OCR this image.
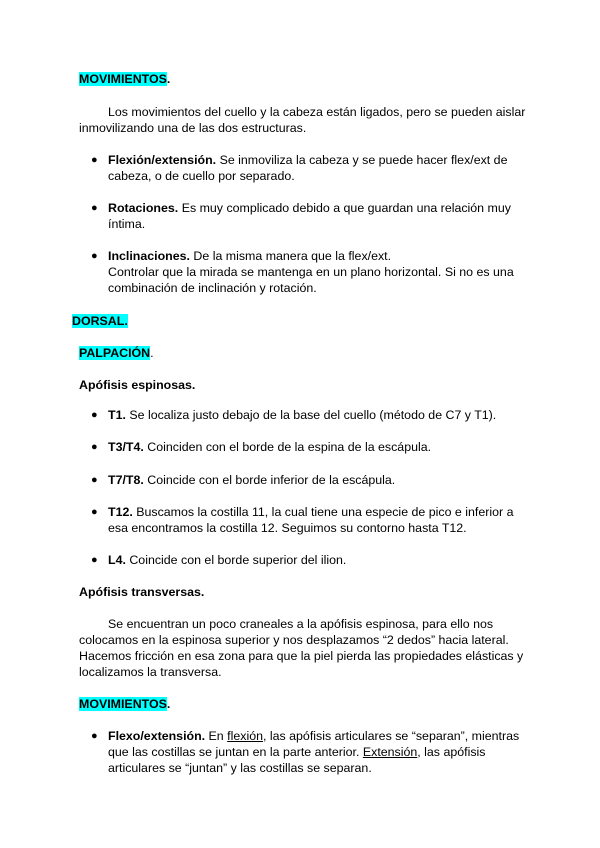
MOVIMIENTOS.
Los movimientos del cuello y la cabeza están ligados, pero se pueden aislar
inmovilizando una de las dos estructuras.
● Flexión/extensión. Se inmoviliza la cabeza y se puede hacer flex/ext de
cabeza, o de cuello por separado.
● Rotaciones. Es muy complicado debido a que guardan una relación muy
íntima.
● Inclinaciones. De la misma manera que la flex/ext.
Controlar que la mirada se mantenga en un plano horizontal. Si no es una
combinación de inclinación y rotación.
DORSAL.
PALPACIÓN.
Apófisis espinosas.
● T1. Se localiza justo debajo de la base del cuello (método de C7 y T1).
● T3/T4. Coinciden con el borde de la espina de la escápula.
● T7/T8. Coincide con el borde inferior de la escápula.
● T12. Buscamos la costilla 11, la cual tiene una especie de pico e inferior a
esa encontramos la costilla 12. Seguimos su contorno hasta T12.
● L4. Coincide con el borde superior del ilion.
Apófisis transversas.
Se encuentran un poco craneales a la apófisis espinosa, para ello nos
colocamos en la espinosa superior y nos desplazamos “2 dedos” hacia lateral.
Hacemos fricción en esa zona para que la piel pierda las propiedades elásticas y
localizamos la transversa.
MOVIMIENTOS.
● Flexo/extensión. En flexión, las apófisis articulares se “separan”, mientras
que las costillas se juntan en la parte anterior. Extensión, las apófisis
articulares se “juntan” y las costillas se separan.
